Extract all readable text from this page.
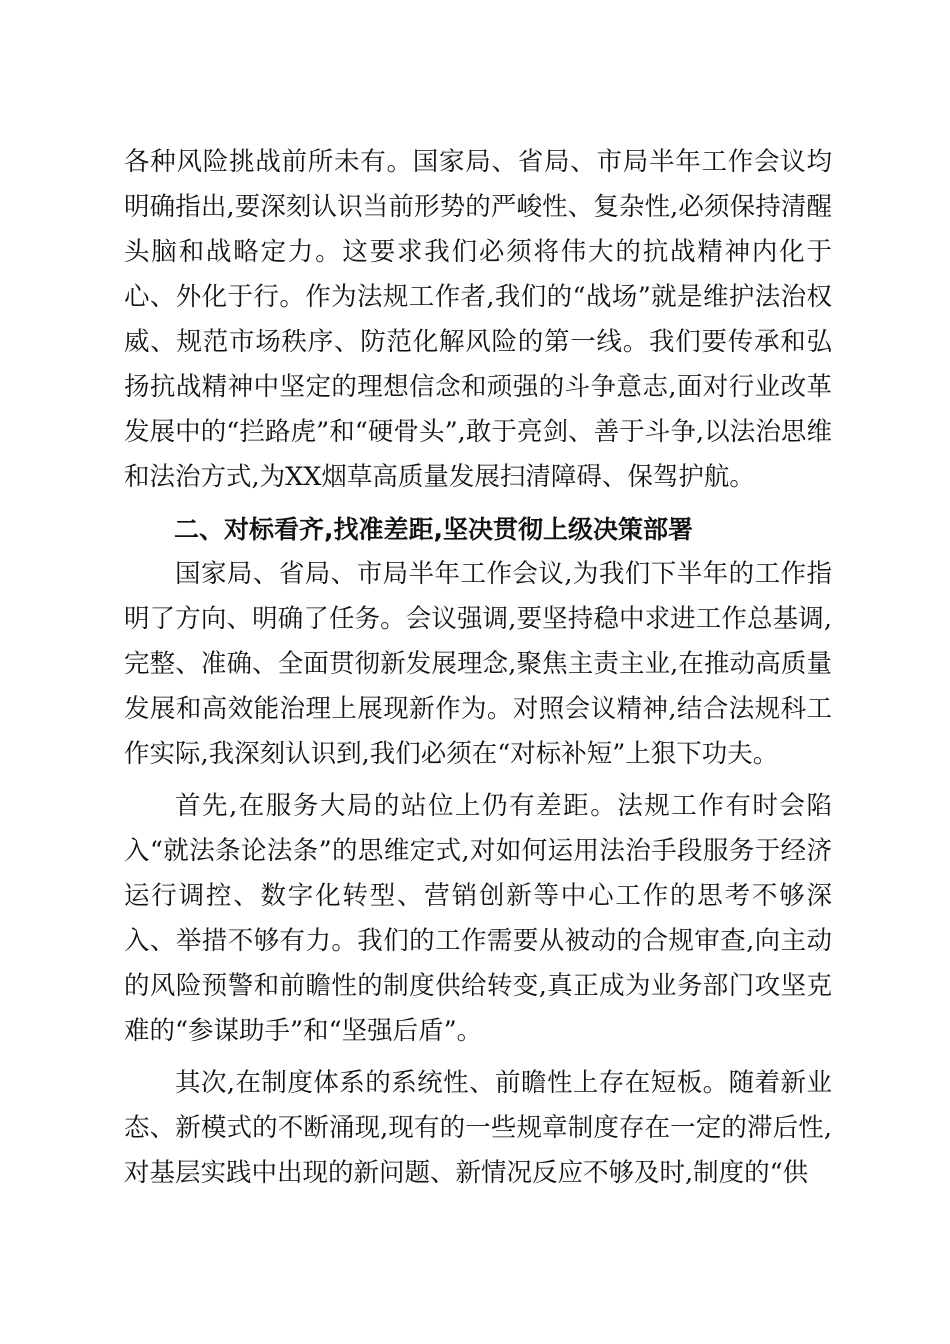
各种风险挑战前所未有。国家局、省局、市局半年工作会议均明确指出,要深刻认识当前形势的严峻性、复杂性,必须保持清醒头脑和战略定力。这要求我们必须将伟大的抗战精神内化于心、外化于行。作为法规工作者,我们的“战场”就是维护法治权威、规范市场秩序、防范化解风险的第一线。我们要传承和弘扬抗战精神中坚定的理想信念和顽强的斗争意志,面对行业改革发展中的“拦路虎”和“硬骨头”,敢于亮剑、善于斗争,以法治思维和法治方式,为XX烟草高质量发展扫清障碍、保驾护航。

二、对标看齐,找准差距,坚决贯彻上级决策部署

国家局、省局、市局半年工作会议,为我们下半年的工作指明了方向、明确了任务。会议强调,要坚持稳中求进工作总基调,完整、准确、全面贯彻新发展理念,聚焦主责主业,在推动高质量发展和高效能治理上展现新作为。对照会议精神,结合法规科工作实际,我深刻认识到,我们必须在“对标补短”上狠下功夫。

首先,在服务大局的站位上仍有差距。法规工作有时会陷入“就法条论法条”的思维定式,对如何运用法治手段服务于经济运行调控、数字化转型、营销创新等中心工作的思考不够深入、举措不够有力。我们的工作需要从被动的合规审查,向主动的风险预警和前瞻性的制度供给转变,真正成为业务部门攻坚克难的“参谋助手”和“坚强后盾”。

其次,在制度体系的系统性、前瞻性上存在短板。随着新业态、新模式的不断涌现,现有的一些规章制度存在一定的滞后性,对基层实践中出现的新问题、新情况反应不够及时,制度的“供
